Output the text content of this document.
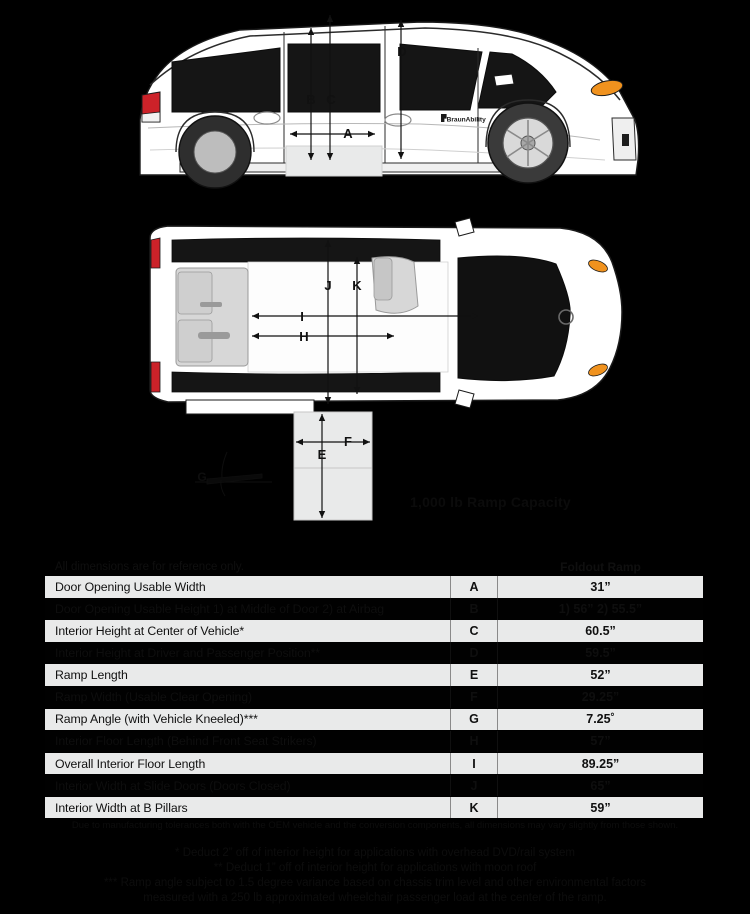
BraunAbility
B C
A
D
J K
I
H
E
F
G
1,000 lb Ramp Capacity
All dimensions are for reference only.	Foldout Ramp
Door Opening Usable Width	A	31”
Door Opening Usable Height 1) at Middle of Door 2) at Airbag	B	1) 56” 2) 55.5”
Interior Height at Center of Vehicle*	C	60.5”
Interior Height at Driver and Passenger Position**	D	59.5”
Ramp Length	E	52”
Ramp Width (Usable Clear Opening)	F	29.25”
Ramp Angle (with Vehicle Kneeled)***	G	7.25˚
Interior Floor Length (Behind Front Seat Strikers)	H	57”
Overall Interior Floor Length	I	89.25”
Interior Width at Slide Doors (Doors Closed)	J	65”
Interior Width at B Pillars	K	59”
Due to manufacturing tolerances both with the OEM vehicle and the conversion components, all dimensions may vary slightly from those shown.
* Deduct 2” off of interior height for applications with overhead DVD/rail system
** Deduct 1” off of interior height for applications with moon roof
*** Ramp angle subject to 1.5 degree variance based on chassis trim level and other environmental factors
measured with a 250 lb approximated wheelchair passenger load at the center of the ramp.
